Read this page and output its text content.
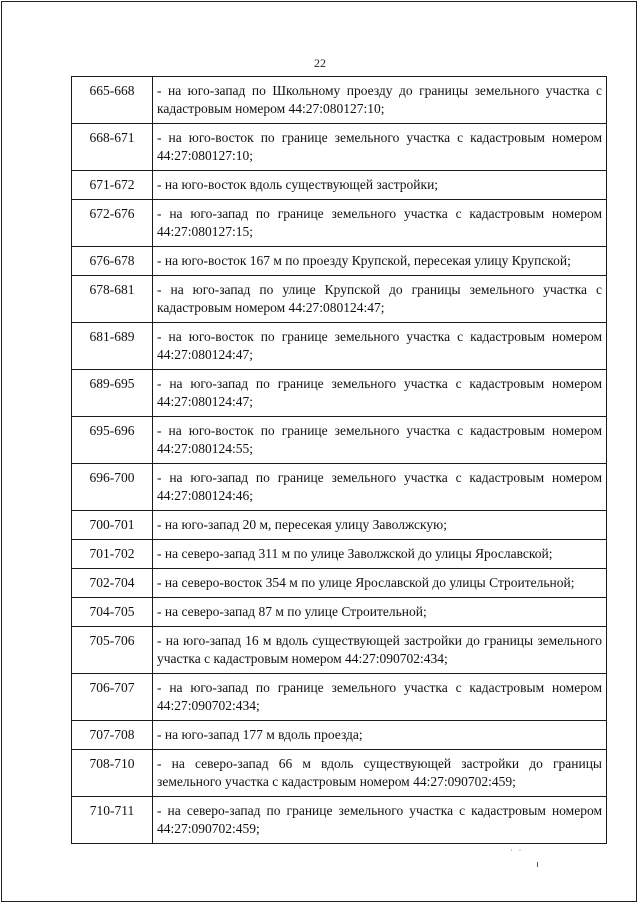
22
665-668	- на юго-запад по Школьному проезду до границы земельного участка с кадастровым номером 44:27:080127:10;
668-671	- на юго-восток по границе земельного участка с кадастровым номером 44:27:080127:10;
671-672	- на юго-восток вдоль существующей застройки;
672-676	- на юго-запад по границе земельного участка с кадастровым номером 44:27:080127:15;
676-678	- на юго-восток 167 м по проезду Крупской, пересекая улицу Крупской;
678-681	- на юго-запад по улице Крупской до границы земельного участка с кадастровым номером 44:27:080124:47;
681-689	- на юго-восток по границе земельного участка с кадастровым номером 44:27:080124:47;
689-695	- на юго-запад по границе земельного участка с кадастровым номером 44:27:080124:47;
695-696	- на юго-восток по границе земельного участка с кадастровым номером 44:27:080124:55;
696-700	- на юго-запад по границе земельного участка с кадастровым номером 44:27:080124:46;
700-701	- на юго-запад 20 м, пересекая улицу Заволжскую;
701-702	- на северо-запад 311 м по улице Заволжской до улицы Ярославской;
702-704	- на северо-восток 354 м по улице Ярославской до улицы Строительной;
704-705	- на северо-запад 87 м по улице Строительной;
705-706	- на юго-запад 16 м вдоль существующей застройки до границы земельного участка с кадастровым номером 44:27:090702:434;
706-707	- на юго-запад по границе земельного участка с кадастровым номером 44:27:090702:434;
707-708	- на юго-запад 177 м вдоль проезда;
708-710	- на северо-запад 66 м вдоль существующей застройки до границы земельного участка с кадастровым номером 44:27:090702:459;
710-711	- на северо-запад по границе земельного участка с кадастровым номером 44:27:090702:459;
· ·
